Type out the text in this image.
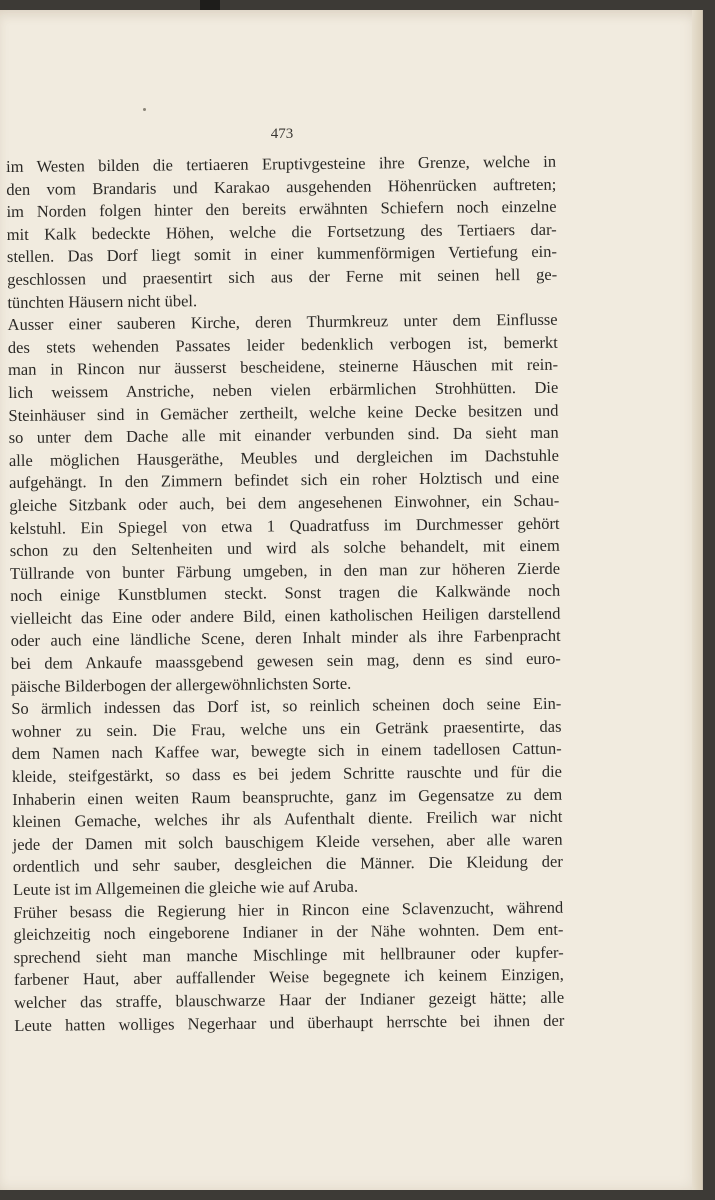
473
im Westen bilden die tertiaeren Eruptivgesteine ihre Grenze, welche in
den vom Brandaris und Karakao ausgehenden Höhenrücken auftreten;
im Norden folgen hinter den bereits erwähnten Schiefern noch einzelne
mit Kalk bedeckte Höhen, welche die Fortsetzung des Tertiaers dar-
stellen. Das Dorf liegt somit in einer kummenförmigen Vertiefung ein-
geschlossen und praesentirt sich aus der Ferne mit seinen hell ge-
tünchten Häusern nicht übel.
Ausser einer sauberen Kirche, deren Thurmkreuz unter dem Einflusse
des stets wehenden Passates leider bedenklich verbogen ist, bemerkt
man in Rincon nur äusserst bescheidene, steinerne Häuschen mit rein-
lich weissem Anstriche, neben vielen erbärmlichen Strohhütten. Die
Steinhäuser sind in Gemächer zertheilt, welche keine Decke besitzen und
so unter dem Dache alle mit einander verbunden sind. Da sieht man
alle möglichen Hausgeräthe, Meubles und dergleichen im Dachstuhle
aufgehängt. In den Zimmern befindet sich ein roher Holztisch und eine
gleiche Sitzbank oder auch, bei dem angesehenen Einwohner, ein Schau-
kelstuhl. Ein Spiegel von etwa 1 Quadratfuss im Durchmesser gehört
schon zu den Seltenheiten und wird als solche behandelt, mit einem
Tüllrande von bunter Färbung umgeben, in den man zur höheren Zierde
noch einige Kunstblumen steckt. Sonst tragen die Kalkwände noch
vielleicht das Eine oder andere Bild, einen katholischen Heiligen darstellend
oder auch eine ländliche Scene, deren Inhalt minder als ihre Farbenpracht
bei dem Ankaufe maassgebend gewesen sein mag, denn es sind euro-
päische Bilderbogen der allergewöhnlichsten Sorte.
So ärmlich indessen das Dorf ist, so reinlich scheinen doch seine Ein-
wohner zu sein. Die Frau, welche uns ein Getränk praesentirte, das
dem Namen nach Kaffee war, bewegte sich in einem tadellosen Cattun-
kleide, steifgestärkt, so dass es bei jedem Schritte rauschte und für die
Inhaberin einen weiten Raum beanspruchte, ganz im Gegensatze zu dem
kleinen Gemache, welches ihr als Aufenthalt diente. Freilich war nicht
jede der Damen mit solch bauschigem Kleide versehen, aber alle waren
ordentlich und sehr sauber, desgleichen die Männer. Die Kleidung der
Leute ist im Allgemeinen die gleiche wie auf Aruba.
Früher besass die Regierung hier in Rincon eine Sclavenzucht, während
gleichzeitig noch eingeborene Indianer in der Nähe wohnten. Dem ent-
sprechend sieht man manche Mischlinge mit hellbrauner oder kupfer-
farbener Haut, aber auffallender Weise begegnete ich keinem Einzigen,
welcher das straffe, blauschwarze Haar der Indianer gezeigt hätte; alle
Leute hatten wolliges Negerhaar und überhaupt herrschte bei ihnen der
